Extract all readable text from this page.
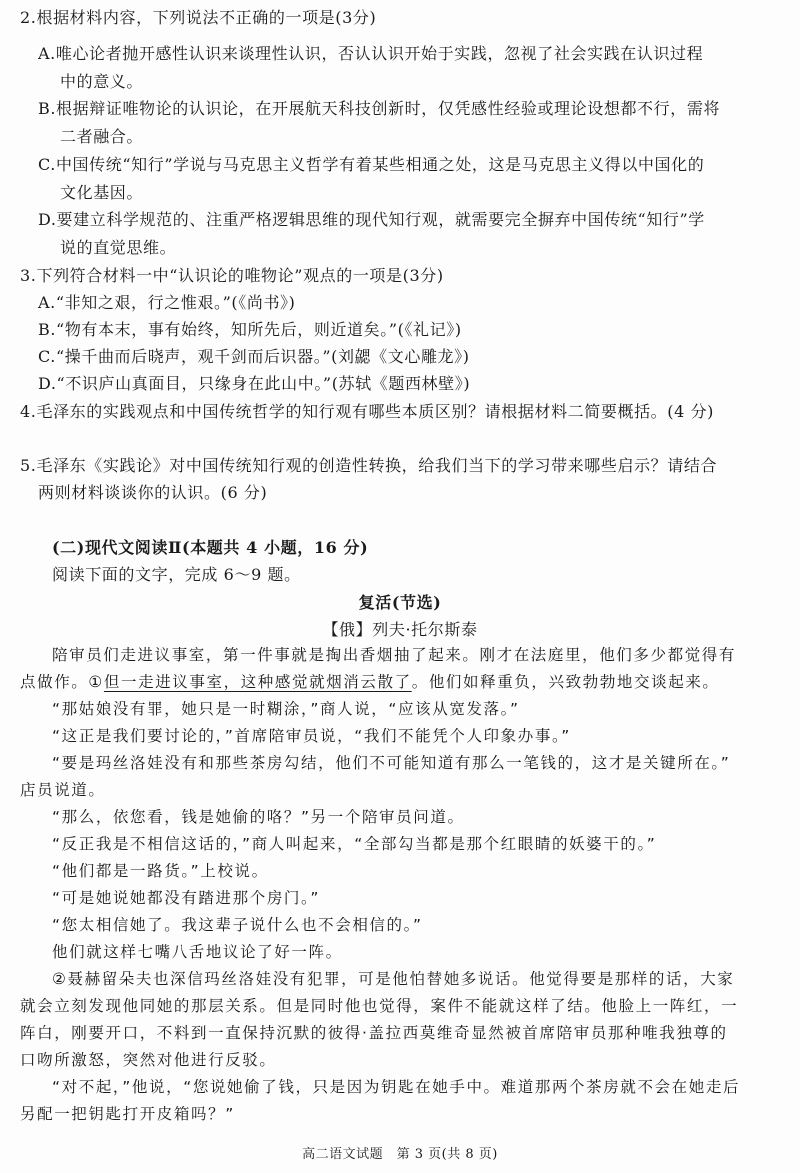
2.根据材料内容，下列说法不正确的一项是(3分)
A.唯心论者抛开感性认识来谈理性认识，否认认识开始于实践，忽视了社会实践在认识过程
中的意义。
B.根据辩证唯物论的认识论，在开展航天科技创新时，仅凭感性经验或理论设想都不行，需将
二者融合。
C.中国传统“知行”学说与马克思主义哲学有着某些相通之处，这是马克思主义得以中国化的
文化基因。
D.要建立科学规范的、注重严格逻辑思维的现代知行观，就需要完全摒弃中国传统“知行”学
说的直觉思维。
3.下列符合材料一中“认识论的唯物论”观点的一项是(3分)
A.“非知之艰，行之惟艰。”(《尚书》)
B.“物有本末，事有始终，知所先后，则近道矣。”(《礼记》)
C.“操千曲而后晓声，观千剑而后识器。”(刘勰《文心雕龙》)
D.“不识庐山真面目，只缘身在此山中。”(苏轼《题西林壁》)
4.毛泽东的实践观点和中国传统哲学的知行观有哪些本质区别？请根据材料二简要概括。(4 分)
5.毛泽东《实践论》对中国传统知行观的创造性转换，给我们当下的学习带来哪些启示？请结合
两则材料谈谈你的认识。(6 分)
(二)现代文阅读Ⅱ(本题共 4 小题，16 分)
阅读下面的文字，完成 6～9 题。
复活(节选)
【俄】列夫·托尔斯泰
陪审员们走进议事室，第一件事就是掏出香烟抽了起来。刚才在法庭里，他们多少都觉得有
点做作。①但一走进议事室，这种感觉就烟消云散了。他们如释重负，兴致勃勃地交谈起来。
“那姑娘没有罪，她只是一时糊涂，”商人说，“应该从宽发落。”
“这正是我们要讨论的，”首席陪审员说，“我们不能凭个人印象办事。”
“要是玛丝洛娃没有和那些茶房勾结，他们不可能知道有那么一笔钱的，这才是关键所在。”
店员说道。
“那么，依您看，钱是她偷的咯？”另一个陪审员问道。
“反正我是不相信这话的，”商人叫起来，“全部勾当都是那个红眼睛的妖婆干的。”
“他们都是一路货。”上校说。
“可是她说她都没有踏进那个房门。”
“您太相信她了。我这辈子说什么也不会相信的。”
他们就这样七嘴八舌地议论了好一阵。
②聂赫留朵夫也深信玛丝洛娃没有犯罪，可是他怕替她多说话。他觉得要是那样的话，大家
就会立刻发现他同她的那层关系。但是同时他也觉得，案件不能就这样了结。他脸上一阵红，一
阵白，刚要开口，不料到一直保持沉默的彼得·盖拉西莫维奇显然被首席陪审员那种唯我独尊的
口吻所激怒，突然对他进行反驳。
“对不起，”他说，“您说她偷了钱，只是因为钥匙在她手中。难道那两个茶房就不会在她走后
另配一把钥匙打开皮箱吗？”
高二语文试题　第 3 页(共 8 页)
